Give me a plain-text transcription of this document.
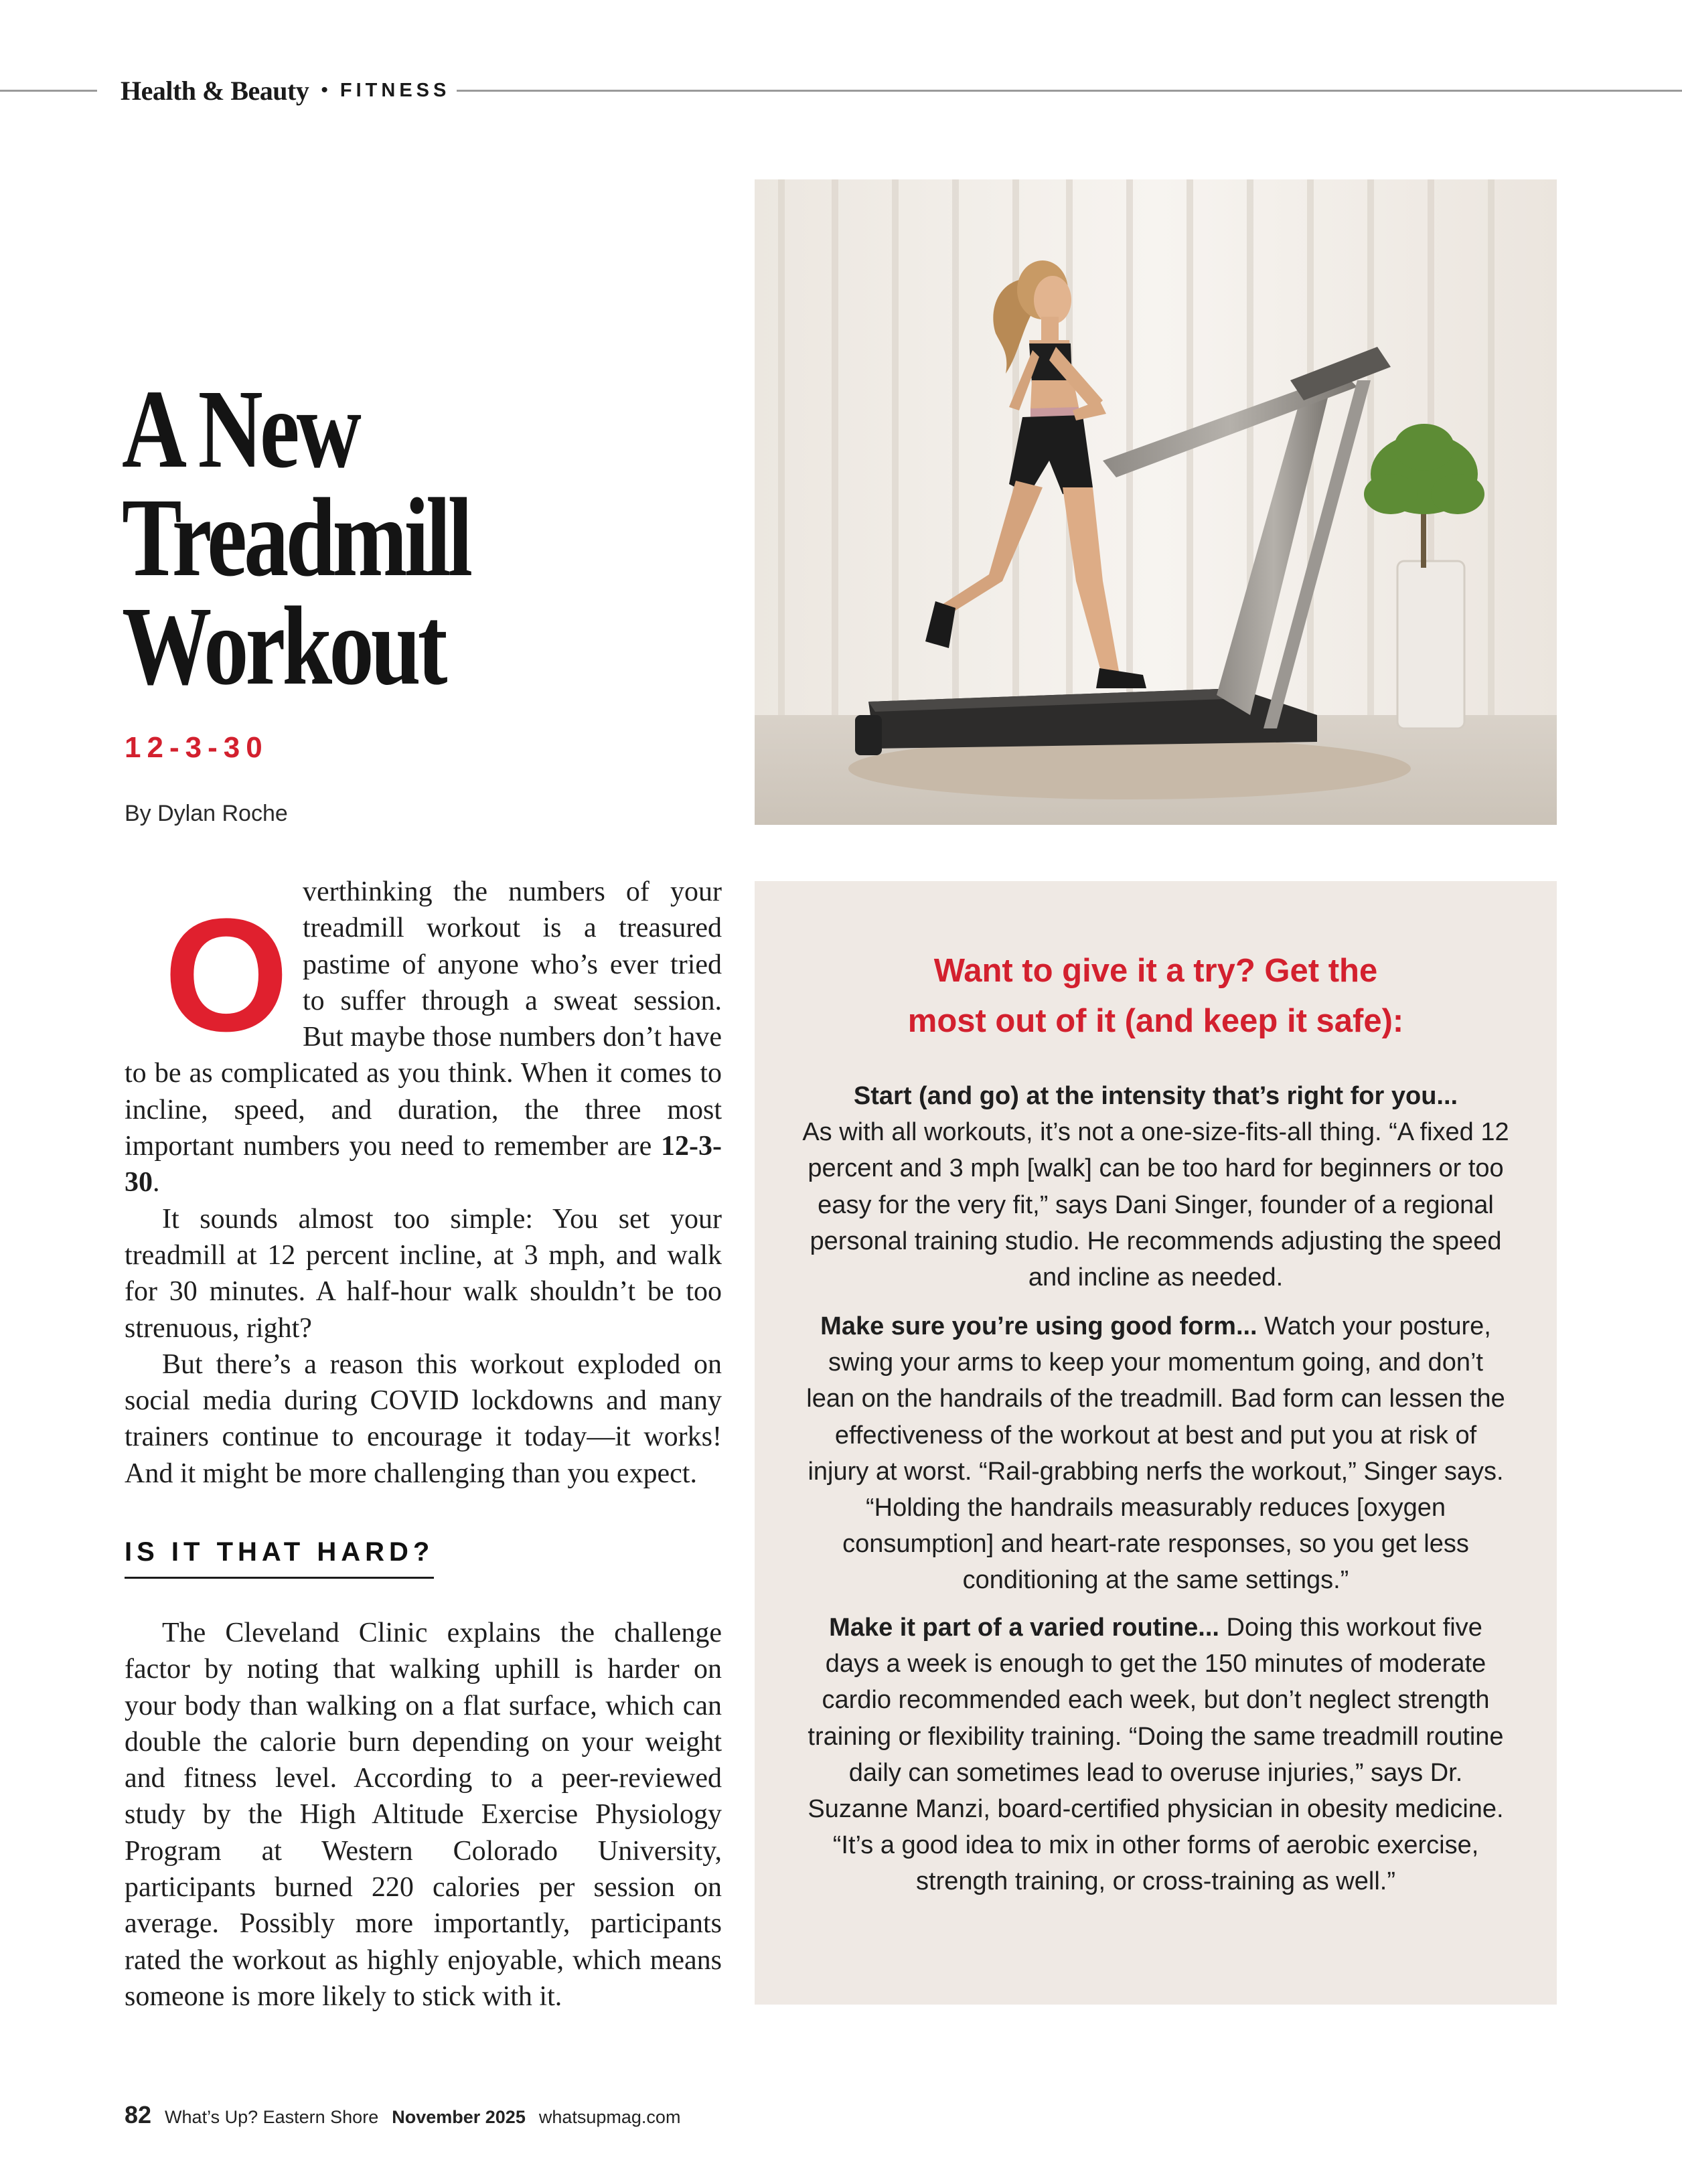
Health & Beauty • FITNESS
A New
Treadmill
Workout
12-3-30
By Dylan Roche

O verthinking the numbers of your treadmill workout is a treasured pastime of anyone who’s ever tried to suffer through a sweat session. But maybe those numbers don’t have to be as complicated as you think. When it comes to incline, speed, and duration, the three most important numbers you need to remember are 12-3-30.

It sounds almost too simple: You set your treadmill at 12 percent incline, at 3 mph, and walk for 30 minutes. A half-hour walk shouldn’t be too strenuous, right?

But there’s a reason this workout exploded on social media during COVID lockdowns and many trainers continue to encourage it today—it works! And it might be more challenging than you expect.

IS IT THAT HARD?

The Cleveland Clinic explains the challenge factor by noting that walking uphill is harder on your body than walking on a flat surface, which can double the calorie burn depending on your weight and fitness level. According to a peer-reviewed study by the High Altitude Exercise Physiology Program at Western Colorado University, participants burned 220 calories per session on average. Possibly more importantly, participants rated the workout as highly enjoyable, which means someone is more likely to stick with it.

Want to give it a try? Get the
most out of it (and keep it safe):

Start (and go) at the intensity that’s right for you...
As with all workouts, it’s not a one-size-fits-all thing. “A fixed 12 percent and 3 mph [walk] can be too hard for beginners or too easy for the very fit,” says Dani Singer, founder of a regional personal training studio. He recommends adjusting the speed and incline as needed.

Make sure you’re using good form... Watch your posture, swing your arms to keep your momentum going, and don’t lean on the handrails of the treadmill. Bad form can lessen the effectiveness of the workout at best and put you at risk of injury at worst. “Rail-grabbing nerfs the workout,” Singer says. “Holding the handrails measurably reduces [oxygen consumption] and heart-rate responses, so you get less conditioning at the same settings.”

Make it part of a varied routine... Doing this workout five days a week is enough to get the 150 minutes of moderate cardio recommended each week, but don’t neglect strength training or flexibility training. “Doing the same treadmill routine daily can sometimes lead to overuse injuries,” says Dr. Suzanne Manzi, board-certified physician in obesity medicine. “It’s a good idea to mix in other forms of aerobic exercise, strength training, or cross-training as well.”

82 What’s Up? Eastern Shore November 2025 whatsupmag.com
